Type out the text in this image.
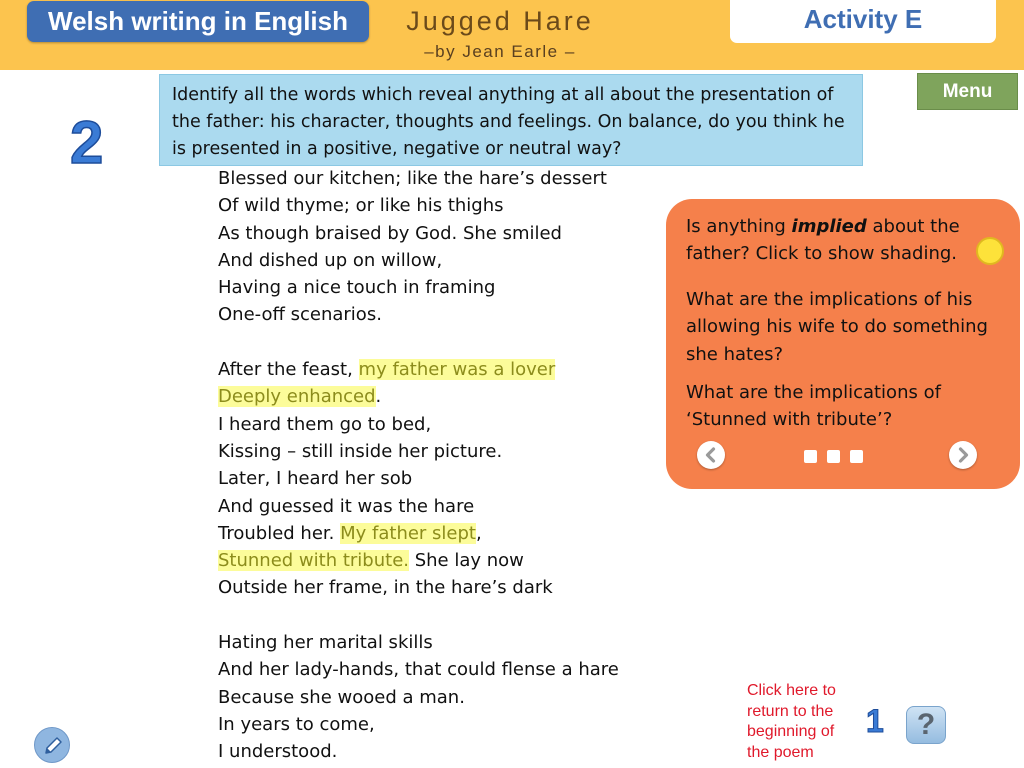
Welsh writing in English	Jugged Hare
–by Jean Earle –
Activity E
2
Identify all the words which reveal anything at all about the presentation of the father: his character, thoughts and feelings. On balance, do you think he is presented in a positive, negative or neutral way?
Menu
Blessed our kitchen; like the hare’s dessert
Of wild thyme; or like his thighs
As though braised by God. She smiled
And dished up on willow,
Having a nice touch in framing
One-off scenarios.
After the feast, my father was a lover
Deeply enhanced.
I heard them go to bed,
Kissing – still inside her picture.
Later, I heard her sob
And guessed it was the hare
Troubled her. My father slept,
Stunned with tribute. She lay now
Outside her frame, in the hare’s dark
Hating her marital skills
And her lady-hands, that could flense a hare
Because she wooed a man.
In years to come,
I understood.
Is anything implied about the father? Click to show shading.
What are the implications of his allowing his wife to do something she hates?
What are the implications of ‘Stunned with tribute’?
Click here to return to the beginning of the poem
1	?
